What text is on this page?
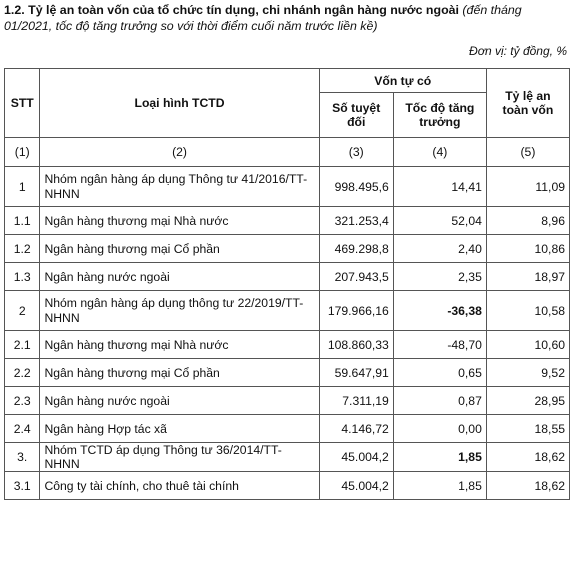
1.2. Tỷ lệ an toàn vốn của tổ chức tín dụng, chi nhánh ngân hàng nước ngoài (đến tháng

01/2021, tốc độ tăng trưởng so với thời điểm cuối năm trước liền kề)

Đơn vị: tỷ đồng, %
STT	Loại hình TCTD	Vốn tự có		Tỷ lệ an toàn vốn
		Số tuyệt đối	Tốc độ tăng trưởng	
(1)	(2)	(3)	(4)	(5)
1	Nhóm ngân hàng áp dụng Thông tư 41/2016/TT-NHNN	998.495,6	14,41	11,09
1.1	Ngân hàng thương mại Nhà nước	321.253,4	52,04	8,96
1.2	Ngân hàng thương mại Cổ phần	469.298,8	2,40	10,86
1.3	Ngân hàng nước ngoài	207.943,5	2,35	18,97
2	Nhóm ngân hàng áp dụng thông tư 22/2019/TT-NHNN	179.966,16	-36,38	10,58
2.1	Ngân hàng thương mại Nhà nước	108.860,33	-48,70	10,60
2.2	Ngân hàng thương mại Cổ phần	59.647,91	0,65	9,52
2.3	Ngân hàng nước ngoài	7.311,19	0,87	28,95
2.4	Ngân hàng Hợp tác xã	4.146,72	0,00	18,55
3.	Nhóm TCTD áp dụng Thông tư 36/2014/TT-NHNN	45.004,2	1,85	18,62
3.1	Công ty tài chính, cho thuê tài chính	45.004,2	1,85	18,62
